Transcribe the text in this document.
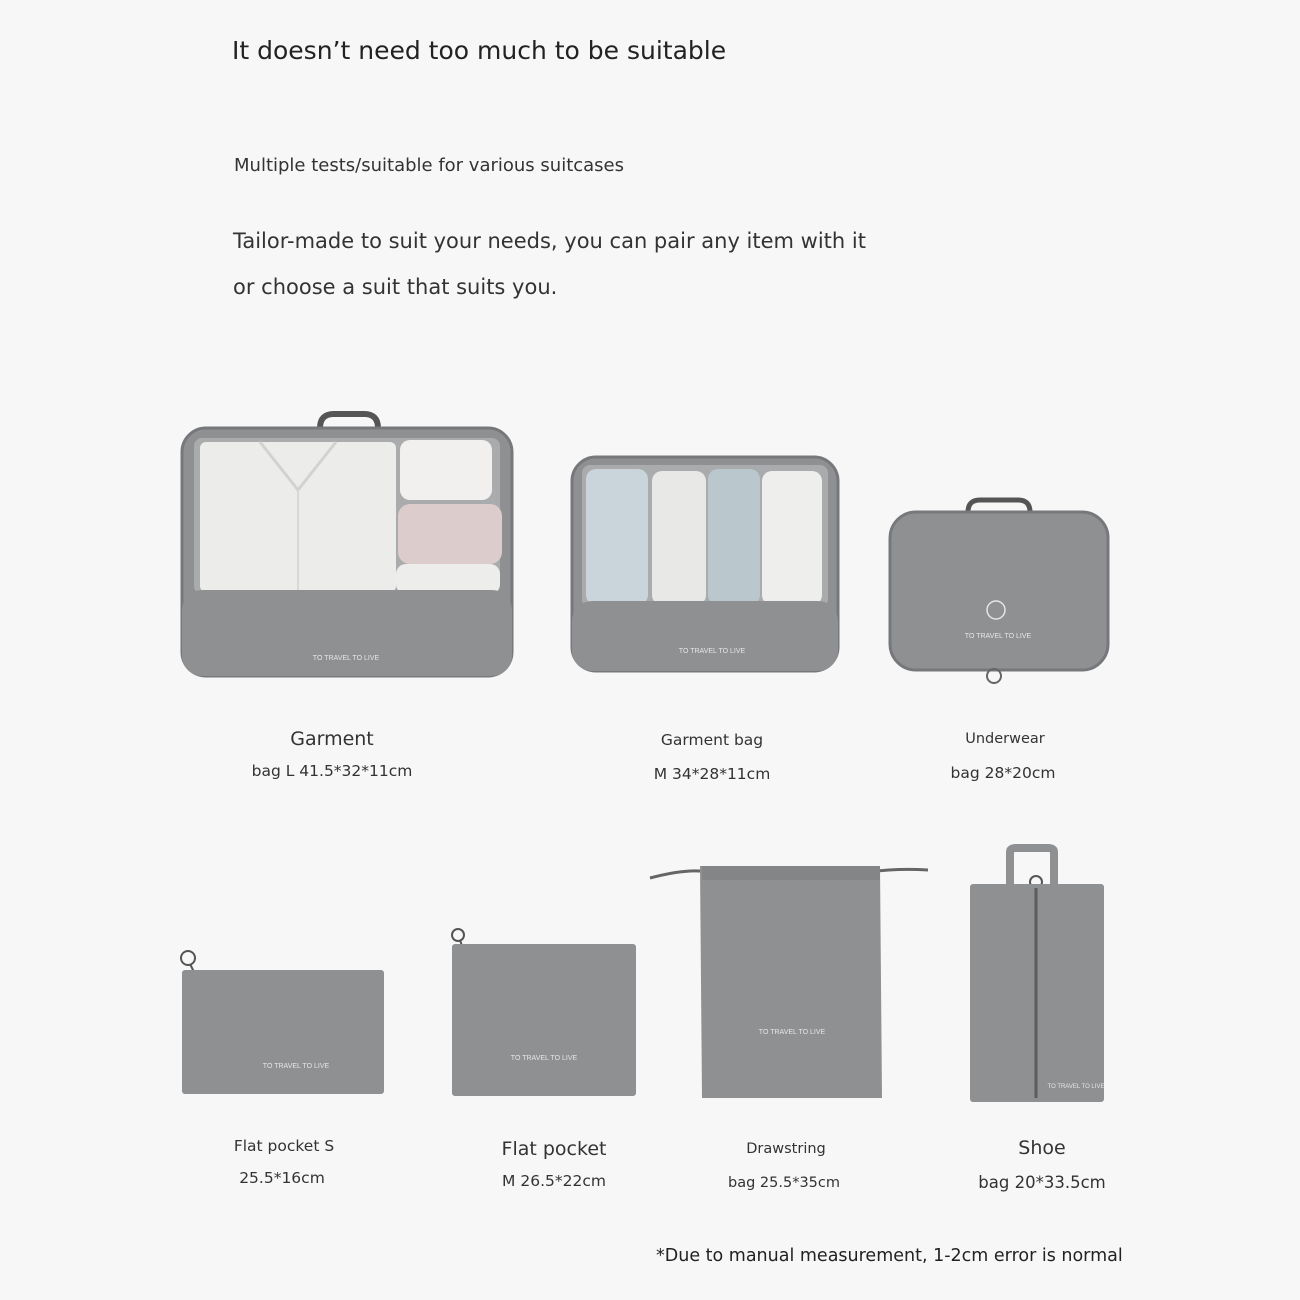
It doesn’t need too much to be suitable
Multiple tests/suitable for various suitcases
Tailor-made to suit your needs, you can pair any item with it
or choose a suit that suits you.
TO TRAVEL TO LIVE
Garment
bag L 41.5*32*11cm
TO TRAVEL TO LIVE
Garment bag
M 34*28*11cm
TO TRAVEL TO LIVE
Underwear
bag 28*20cm
TO TRAVEL TO LIVE
Flat pocket S
25.5*16cm
TO TRAVEL TO LIVE
Flat pocket
M 26.5*22cm
TO TRAVEL TO LIVE
Drawstring
bag 25.5*35cm
TO TRAVEL TO LIVE
Shoe
bag 20*33.5cm
*Due to manual measurement, 1-2cm error is normal
